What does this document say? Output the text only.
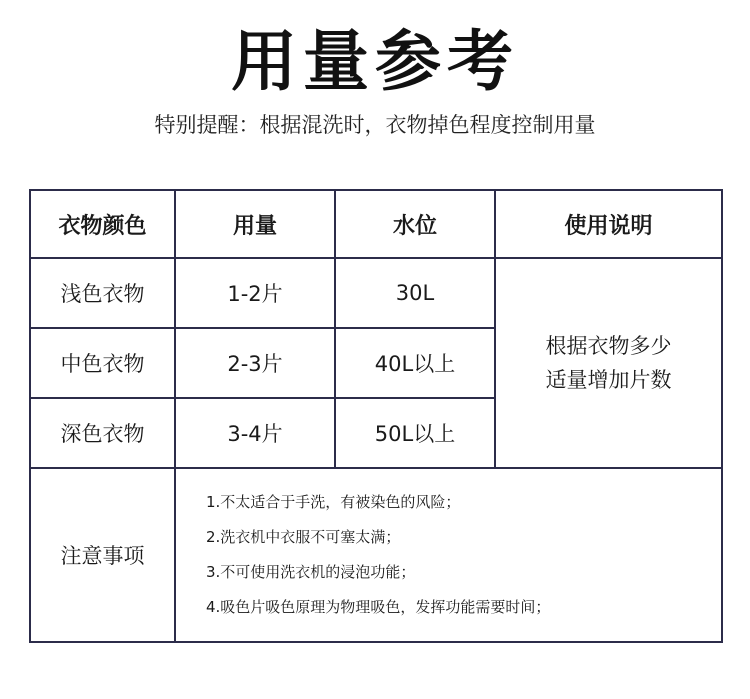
用量参考
特别提醒：根据混洗时，衣物掉色程度控制用量
衣物颜色	用量	水位	使用说明
浅色衣物	1-2片	30L	根据衣物多少
适量增加片数

中色衣物	2-3片	40L以上	
深色衣物	3-4片	50L以上	
注意事项	1.不太适合于手洗，有被染色的风险；
2.洗衣机中衣服不可塞太满；
3.不可使用洗衣机的浸泡功能；
4.吸色片吸色原理为物理吸色，发挥功能需要时间；		
